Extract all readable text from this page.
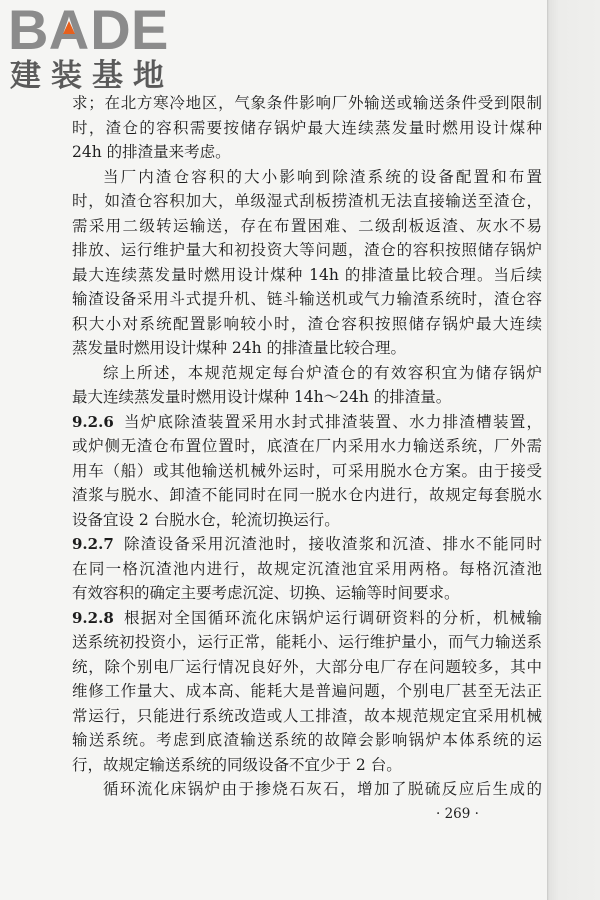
BA
DE
建装基地
求；在北方寒冷地区，气象条件影响厂外输送或输送条件受到限制
时，渣仓的容积需要按储存锅炉最大连续蒸发量时燃用设计煤种
24h 的排渣量来考虑。
当厂内渣仓容积的大小影响到除渣系统的设备配置和布置
时，如渣仓容积加大，单级湿式刮板捞渣机无法直接输送至渣仓，
需采用二级转运输送，存在布置困难、二级刮板返渣、灰水不易
排放、运行维护量大和初投资大等问题，渣仓的容积按照储存锅炉
最大连续蒸发量时燃用设计煤种 14h 的排渣量比较合理。当后续
输渣设备采用斗式提升机、链斗输送机或气力输渣系统时，渣仓容
积大小对系统配置影响较小时，渣仓容积按照储存锅炉最大连续
蒸发量时燃用设计煤种 24h 的排渣量比较合理。
综上所述，本规范规定每台炉渣仓的有效容积宜为储存锅炉
最大连续蒸发量时燃用设计煤种 14h～24h 的排渣量。
9.2.6 当炉底除渣装置采用水封式排渣装置、水力排渣槽装置，
或炉侧无渣仓布置位置时，底渣在厂内采用水力输送系统，厂外需
用车（船）或其他输送机械外运时，可采用脱水仓方案。由于接受
渣浆与脱水、卸渣不能同时在同一脱水仓内进行，故规定每套脱水
设备宜设 2 台脱水仓，轮流切换运行。
9.2.7 除渣设备采用沉渣池时，接收渣浆和沉渣、排水不能同时
在同一格沉渣池内进行，故规定沉渣池宜采用两格。每格沉渣池
有效容积的确定主要考虑沉淀、切换、运输等时间要求。
9.2.8 根据对全国循环流化床锅炉运行调研资料的分析，机械输
送系统初投资小，运行正常，能耗小、运行维护量小，而气力输送系
统，除个别电厂运行情况良好外，大部分电厂存在问题较多，其中
维修工作量大、成本高、能耗大是普遍问题，个别电厂甚至无法正
常运行，只能进行系统改造或人工排渣，故本规范规定宜采用机械
输送系统。考虑到底渣输送系统的故障会影响锅炉本体系统的运
行，故规定输送系统的同级设备不宜少于 2 台。
循环流化床锅炉由于掺烧石灰石，增加了脱硫反应后生成的
· 269 ·
